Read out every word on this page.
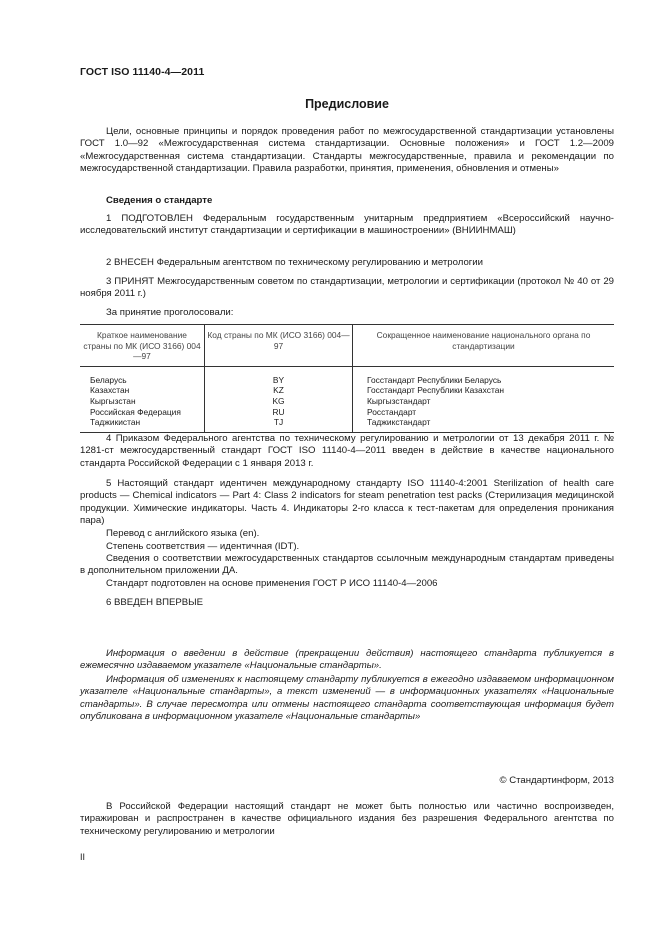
ГОСТ ISO 11140-4—2011
Предисловие
Цели, основные принципы и порядок проведения работ по межгосударственной стандартизации установлены ГОСТ 1.0—92 «Межгосударственная система стандартизации. Основные положения» и ГОСТ 1.2—2009 «Межгосударственная система стандартизации. Стандарты межгосударственные, правила и рекомендации по межгосударственной стандартизации. Правила разработки, принятия, применения, обновления и отмены»
Сведения о стандарте
1 ПОДГОТОВЛЕН Федеральным государственным унитарным предприятием «Всероссийский научно-исследовательский институт стандартизации и сертификации в машиностроении» (ВНИИНМАШ)
2 ВНЕСЕН Федеральным агентством по техническому регулированию и метрологии
3 ПРИНЯТ Межгосударственным советом по стандартизации, метрологии и сертификации (протокол № 40 от 29 ноября 2011 г.)
За принятие проголосовали:
Краткое наименование страны по МК (ИСО 3166) 004—97	Код страны по МК (ИСО 3166) 004—97	Сокращенное наименование национального органа по стандартизации
Беларусь	BY	Госстандарт Республики Беларусь
Казахстан	KZ	Госстандарт Республики Казахстан
Кыргызстан	KG	Кыргызстандарт
Российская Федерация	RU	Росстандарт
Таджикистан	TJ	Таджикстандарт
4 Приказом Федерального агентства по техническому регулированию и метрологии от 13 декабря 2011 г. № 1281-ст межгосударственный стандарт ГОСТ ISO 11140-4—2011 введен в действие в качестве национального стандарта Российской Федерации с 1 января 2013 г.
5 Настоящий стандарт идентичен международному стандарту ISO 11140-4:2001 Sterilization of health care products — Chemical indicators — Part 4: Class 2 indicators for steam penetration test packs (Стерилизация медицинской продукции. Химические индикаторы. Часть 4. Индикаторы 2-го класса к тест-пакетам для определения проникания пара)
Перевод с английского языка (en).
Степень соответствия — идентичная (IDT).
Сведения о соответствии межгосударственных стандартов ссылочным международным стандартам приведены в дополнительном приложении ДА.
Стандарт подготовлен на основе применения ГОСТ Р ИСО 11140-4—2006
6 ВВЕДЕН ВПЕРВЫЕ
Информация о введении в действие (прекращении действия) настоящего стандарта публикуется в ежемесячно издаваемом указателе «Национальные стандарты».
Информация об изменениях к настоящему стандарту публикуется в ежегодно издаваемом информационном указателе «Национальные стандарты», а текст изменений — в информационных указателях «Национальные стандарты». В случае пересмотра или отмены настоящего стандарта соответствующая информация будет опубликована в информационном указателе «Национальные стандарты»
© Стандартинформ, 2013
В Российской Федерации настоящий стандарт не может быть полностью или частично воспроизведен, тиражирован и распространен в качестве официального издания без разрешения Федерального агентства по техническому регулированию и метрологии
II
